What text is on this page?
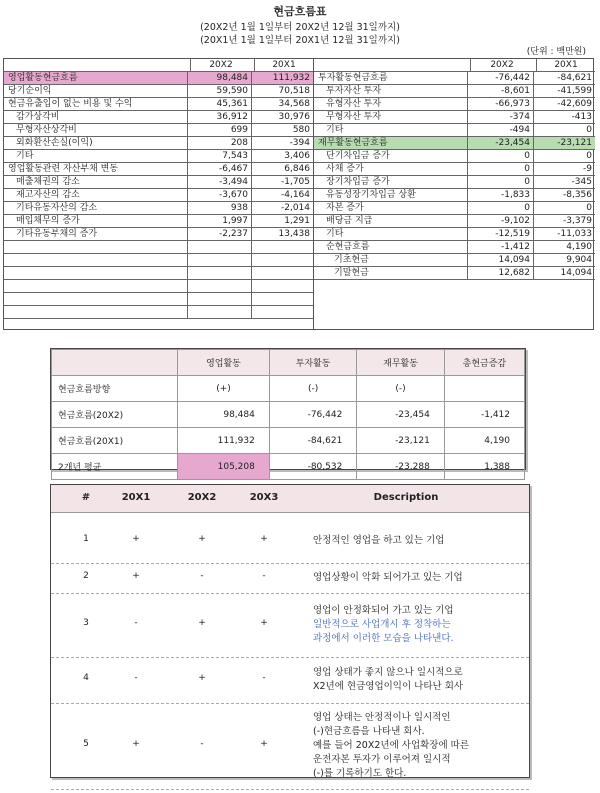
현금흐름표
(20X2년 1월 1일부터 20X2년 12월 31일까지)
(20X1년 1월 1일부터 20X1년 12월 31일까지)
(단위 : 백만원)
20X2	20X1
영업활동현금흐름	98,484	111,932
당기순이익	59,590	70,518
현금유출입이 없는 비용 및 수익	45,361	34,568
감가상각비	36,912	30,976
무형자산상각비	699	580
외화환산손실(이익)	208	-394
기타	7,543	3,406
영업활동관련 자산부채 변동	-6,467	6,846
매출채권의 감소	-3,494	-1,705
재고자산의 감소	-3,670	-4,164
기타유동자산의 감소	938	-2,014
매입채무의 증가	1,997	1,291
기타유동부채의 증가	-2,237	13,438
20X2	20X1
투자활동현금흐름	-76,442	-84,621
투자자산 투자	-8,601	-41,599
유형자산 투자	-66,973	-42,609
무형자산 투자	-374	-413
기타	-494	0
재무활동현금흐름	-23,454	-23,121
단기차입금 증가	0	0
사채 증가	0	-9
장기차입금 증가	0	-345
유동성장기차입금 상환	-1,833	-8,356
자본 증가	0	0
배당금 지급	-9,102	-3,379
기타	-12,519	-11,033
순현금흐름	-1,412	4,190
기초현금	14,094	9,904
기말현금	12,682	14,094
	영업활동	투자활동	재무활동	총현금증감
현금흐름방향	(+)	(-)	(-)	
현금흐름(20X2)	98,484	-76,442	-23,454	-1,412
현금흐름(20X1)	111,932	-84,621	-23,121	4,190
2개년 평균	105,208	-80,532	-23,288	1,388
#	20X1	20X2	20X3	Description
1	+	+	+	안정적인 영업을 하고 있는 기업
2	+	-	-	영업상황이 악화 되어가고 있는 기업
3	-	+	+
영업이 안정화되어 가고 있는 기업
일반적으로 사업개시 후 정착하는
과정에서 이러한 모습을 나타낸다.
4	-	+	-	영업 상태가 좋지 않으나 일시적으로
X2년에 현금영업이익이 나타난 회사
5	+	-	+
영업 상태는 안정적이나 일시적인
(-)현금흐름을 나타낸 회사.
예를 들어 20X2년에 사업확장에 따른
운전자본 투자가 이루어져 일시적
(-)를 기록하기도 한다.
